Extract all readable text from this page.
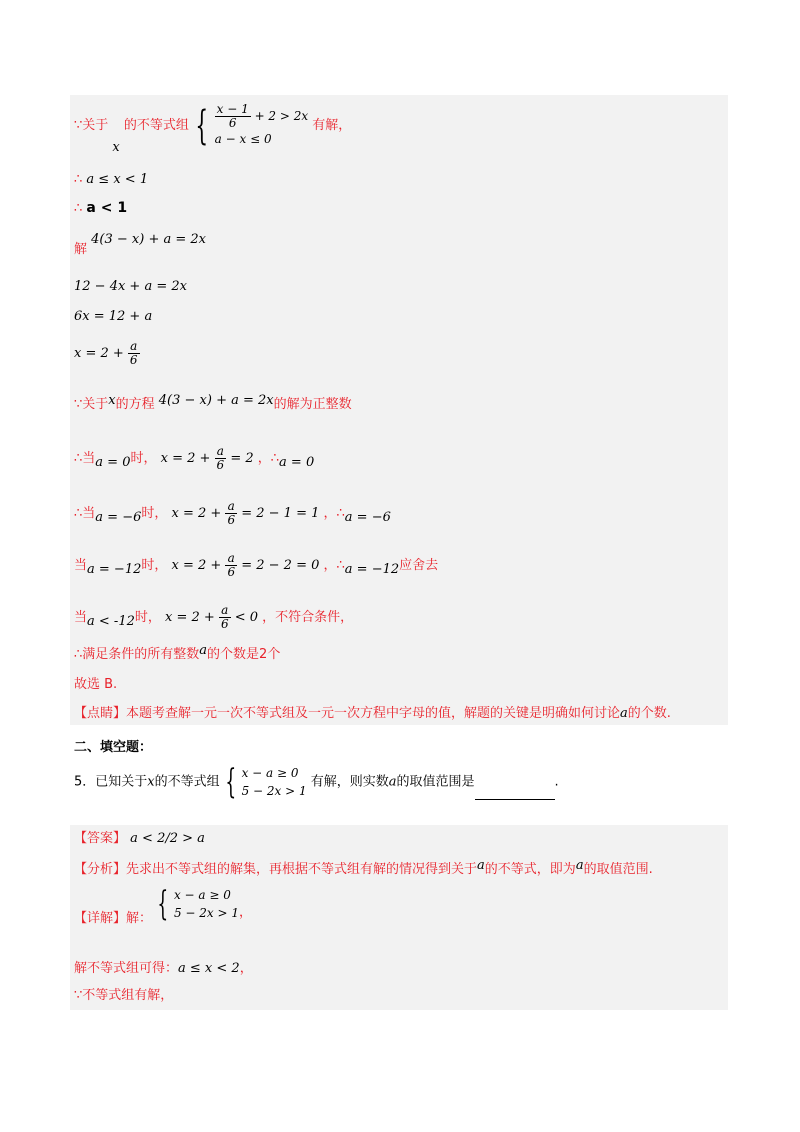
∵关于 x 的不等式组 { $\frac{x - 1}{6} + 2 > 2x$
a − x ≤ 0
有解，
∴ a ≤ x < 1
∴ a < 1
解 4(3 − x) + a = 2x
12 − 4x + a = 2x
6x = 12 + a
$x = 2 + \frac{a}{6}$
∵关于x的方程 4(3 − x) + a = 2x的解为正整数
∴当a = 0时， $x = 2 + \frac{a}{6} = 2$ ，∴a = 0
∴当a = −6时， $x = 2 + \frac{a}{6} = 2 - 1 = 1$ ，∴a = −6
当a = −12时， $x = 2 + \frac{a}{6} = 2 - 2 = 0$ ，∴a = −12应舍去
当a < -12时， $x = 2 + \frac{a}{6} < 0$ ，不符合条件，
∴满足条件的所有整数a的个数是2个
故选 B.
【点睛】本题考查解一元一次不等式组及一元一次方程中字母的值，解题的关键是明确如何讨论a的个数.
二、填空题：
5．已知关于x的不等式组 { x − a ≥ 0
5 − 2x > 1
有解，则实数a的取值范围是	.
【答案】 a < 2/2 > a
【分析】先求出不等式组的解集，再根据不等式组有解的情况得到关于a的不等式，即为a的取值范围.
【详解】解： { x − a ≥ 0
5 − 2x > 1 ，
解不等式组可得：a ≤ x < 2，
∵不等式组有解，
